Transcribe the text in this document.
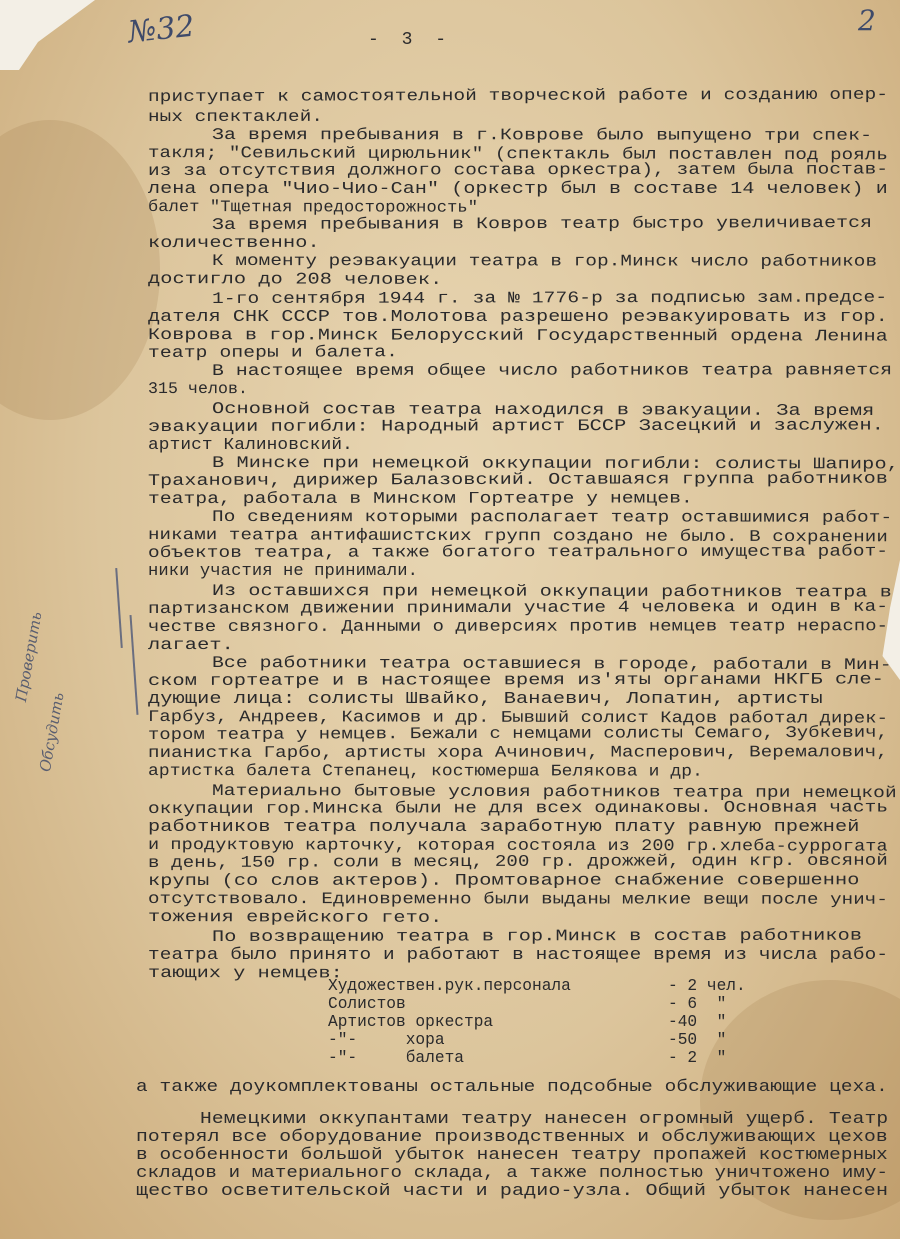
№32	2
- 3 -
приступает к самостоятельной творческой работе и созданию опер-
ных спектаклей.
За время пребывания в г.Коврове было выпущено три спек-
такля; "Севильский цирюльник" (спектакль был поставлен под рояль
из за отсутствия должного состава оркестра), затем была постав-
лена опера "Чио-Чио-Сан" (оркестр был в составе 14 человек) и
балет "Тщетная предосторожность"
За время пребывания в Ковров театр быстро увеличивается
количественно.
К моменту реэвакуации театра в гор.Минск число работников
достигло до 208 человек.
1-го сентября 1944 г. за № 1776-р за подписью зам.предсе-
дателя СНК СССР тов.Молотова разрешено реэвакуировать из гор.
Коврова в гор.Минск Белорусский Государственный ордена Ленина
театр оперы и балета.
В настоящее время общее число работников театра равняется
315 челов.
Основной состав театра находился в эвакуации. За время
эвакуации погибли: Народный артист БССР Засецкий и заслужен.
артист Калиновский.
В Минске при немецкой оккупации погибли: солисты Шапиро,
Траханович, дирижер Балазовский. Оставшаяся группа работников
театра, работала в Минском Гортеатре у немцев.
По сведениям которыми располагает театр оставшимися работ-
никами театра антифашистских групп создано не было. В сохранении
объектов театра, а также богатого театрального имущества работ-
ники участия не принимали.
Из оставшихся при немецкой оккупации работников театра в
партизанском движении принимали участие 4 человека и один в ка-
честве связного. Данными о диверсиях против немцев театр нераспо-
лагает.
Все работники театра оставшиеся в городе, работали в Мин-
ском гортеатре и в настоящее время из'яты органами НКГБ сле-
дующие лица: солисты Швайко, Ванаевич, Лопатин, артисты
Гарбуз, Андреев, Касимов и др. Бывший солист Кадов работал дирек-
тором театра у немцев. Бежали с немцами солисты Семаго, Зубкевич,
пианистка Гарбо, артисты хора Ачинович, Масперович, Веремалович,
артистка балета Степанец, костюмерша Белякова и др.
Материально бытовые условия работников театра при немецкой
оккупации гор.Минска были не для всех одинаковы. Основная часть
работников театра получала заработную плату равную прежней
и продуктовую карточку, которая состояла из 200 гр.хлеба-суррогата
в день, 150 гр. соли в месяц, 200 гр. дрожжей, один кгр. овсяной
крупы (со слов актеров). Промтоварное снабжение совершенно
отсутствовало. Единовременно были выданы мелкие вещи после унич-
тожения еврейского гето.
По возвращению театра в гор.Минск в состав работников
театра было принято и работают в настоящее время из числа рабо-
тающих у немцев:
а также доукомплектованы остальные подсобные обслуживающие цеха.
Немецкими оккупантами театру нанесен огромный ущерб. Театр
потерял все оборудование производственных и обслуживающих цехов
в особенности большой убыток нанесен театру пропажей костюмерных
складов и материального склада, а также полностью уничтожено иму-
щество осветительской части и радио-узла. Общий убыток нанесен
Художествен.рук.персонала	- 2 чел.
Солистов	- 6  "
Артистов оркестра	-40  "
-"-     хора	-50  "
-"-     балета	- 2  "
Проверить
Обсудить
